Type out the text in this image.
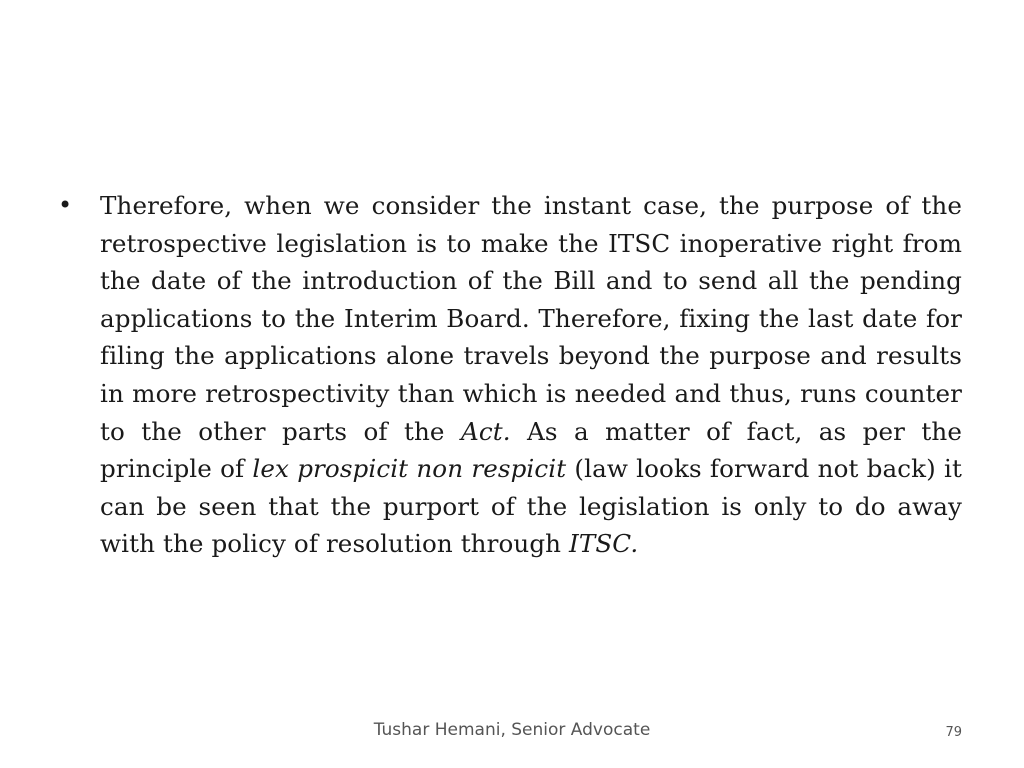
•	Therefore, when we consider the instant case, the purpose of the retrospective legislation is to make the ITSC inoperative right from the date of the introduction of the Bill and to send all the pending applications to the Interim Board. Therefore, fixing the last date for filing the applications alone travels beyond the purpose and results in more retrospectivity than which is needed and thus, runs counter to the other parts of the Act. As a matter of fact, as per the principle of lex prospicit non respicit (law looks forward not back) it can be seen that the purport of the legislation is only to do away with the policy of resolution through ITSC.

Tushar Hemani, Senior Advocate	79
